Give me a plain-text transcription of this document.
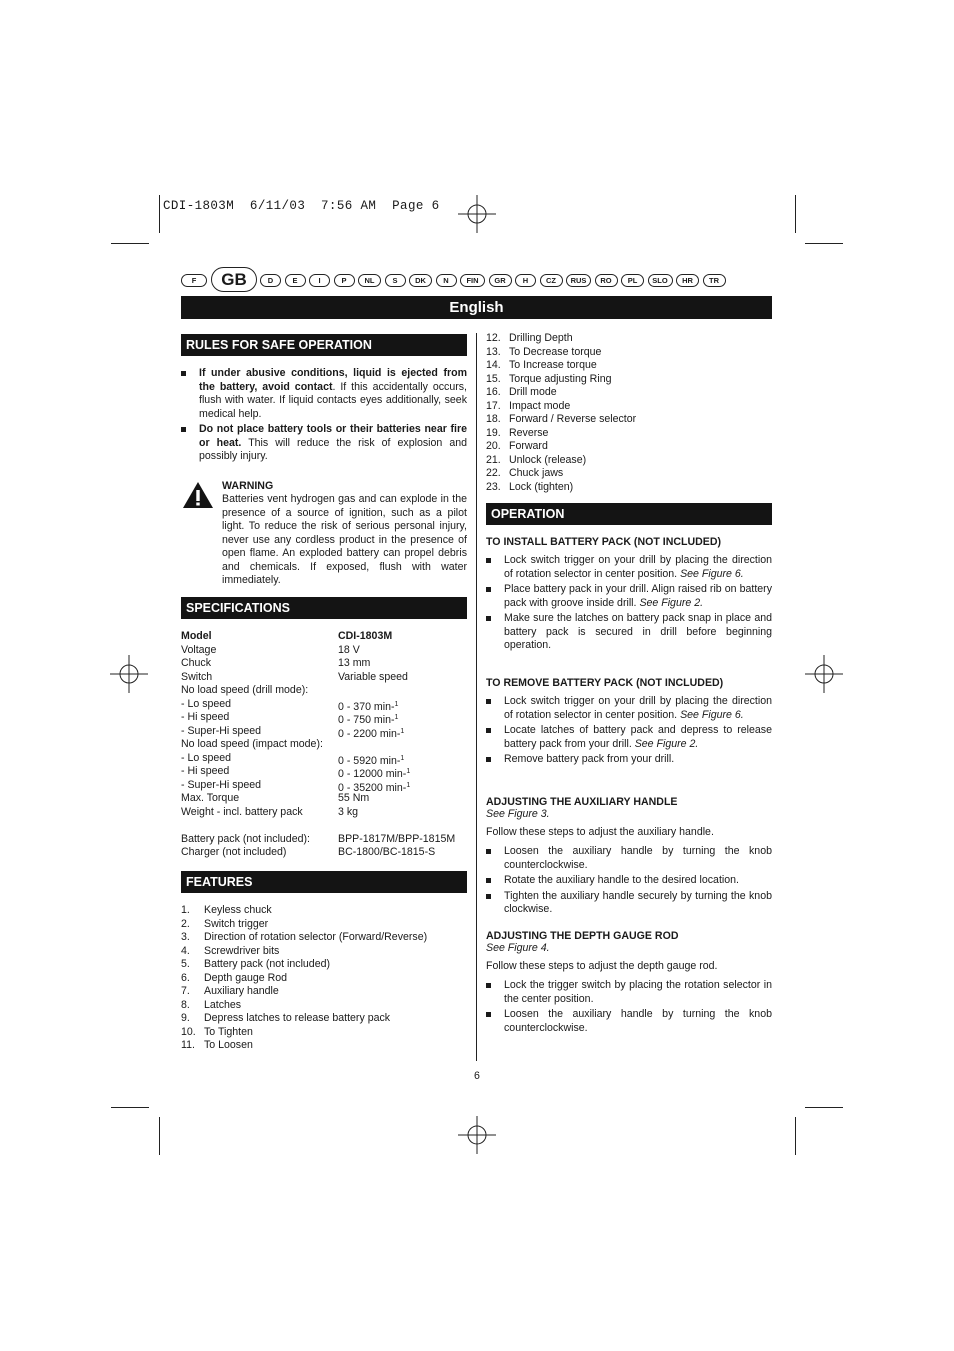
CDI-1803M  6/11/03  7:56 AM  Page 6
F	GB	D	E	I	P	NL	S	DK	N	FIN	GR	H	CZ	RUS	RO	PL	SLO	HR	TR
English
RULES FOR SAFE OPERATION
If under abusive conditions, liquid is ejected from the battery, avoid contact. If this accidentally occurs, flush with water. If liquid contacts eyes additionally, seek medical help.
Do not place battery tools or their batteries near fire or heat. This will reduce the risk of explosion and possibly injury.
WARNING
Batteries vent hydrogen gas and can explode in the presence of a source of ignition, such as a pilot light. To reduce the risk of serious personal injury, never use any cordless product in the presence of open flame. An exploded battery can propel debris and chemicals. If exposed, flush with water immediately.
SPECIFICATIONS
Model	CDI-1803M
Voltage	18 V
Chuck	13 mm
Switch	Variable speed
No load speed (drill mode):
- Lo speed	0 - 370 min-$^1$
- Hi speed	0 - 750 min-$^1$
- Super-Hi speed	0 - 2200 min-$^1$
No load speed (impact mode):
- Lo speed	0 - 5920 min-$^1$
- Hi speed	0 - 12000 min-$^1$
- Super-Hi speed	0 - 35200 min-$^1$
Max. Torque	55 Nm
Weight - incl. battery pack	3 kg
Battery pack (not included):	BPP-1817M/BPP-1815M
Charger (not included)	BC-1800/BC-1815-S
FEATURES
1. Keyless chuck
2. Switch trigger
3. Direction of rotation selector (Forward/Reverse)
4. Screwdriver bits
5. Battery pack (not included)
6. Depth gauge Rod
7. Auxiliary handle
8. Latches
9. Depress latches to release battery pack
10. To Tighten
11. To Loosen
12. Drilling Depth
13. To Decrease torque
14. To Increase torque
15. Torque adjusting Ring
16. Drill mode
17. Impact mode
18. Forward / Reverse selector
19. Reverse
20. Forward
21. Unlock (release)
22. Chuck jaws
23. Lock (tighten)
OPERATION
TO INSTALL BATTERY PACK (NOT INCLUDED)
Lock switch trigger on your drill by placing the direction of rotation selector in center position. See Figure 6.
Place battery pack in your drill. Align raised rib on battery pack with groove inside drill. See Figure 2.
Make sure the latches on battery pack snap in place and battery pack is secured in drill before beginning operation.
TO REMOVE BATTERY PACK (NOT INCLUDED)
Lock switch trigger on your drill by placing the direction of rotation selector in center position. See Figure 6.
Locate latches of battery pack and depress to release battery pack from your drill. See Figure 2.
Remove battery pack from your drill.
ADJUSTING THE AUXILIARY HANDLE
See Figure 3.
Follow these steps to adjust the auxiliary handle.
Loosen the auxiliary handle by turning the knob counterclockwise.
Rotate the auxiliary handle to the desired location.
Tighten the auxiliary handle securely by turning the knob clockwise.
ADJUSTING THE DEPTH GAUGE ROD
See Figure 4.
Follow these steps to adjust the depth gauge rod.
Lock the trigger switch by placing the rotation selector in the center position.
Loosen the auxiliary handle by turning the knob counterclockwise.
6
